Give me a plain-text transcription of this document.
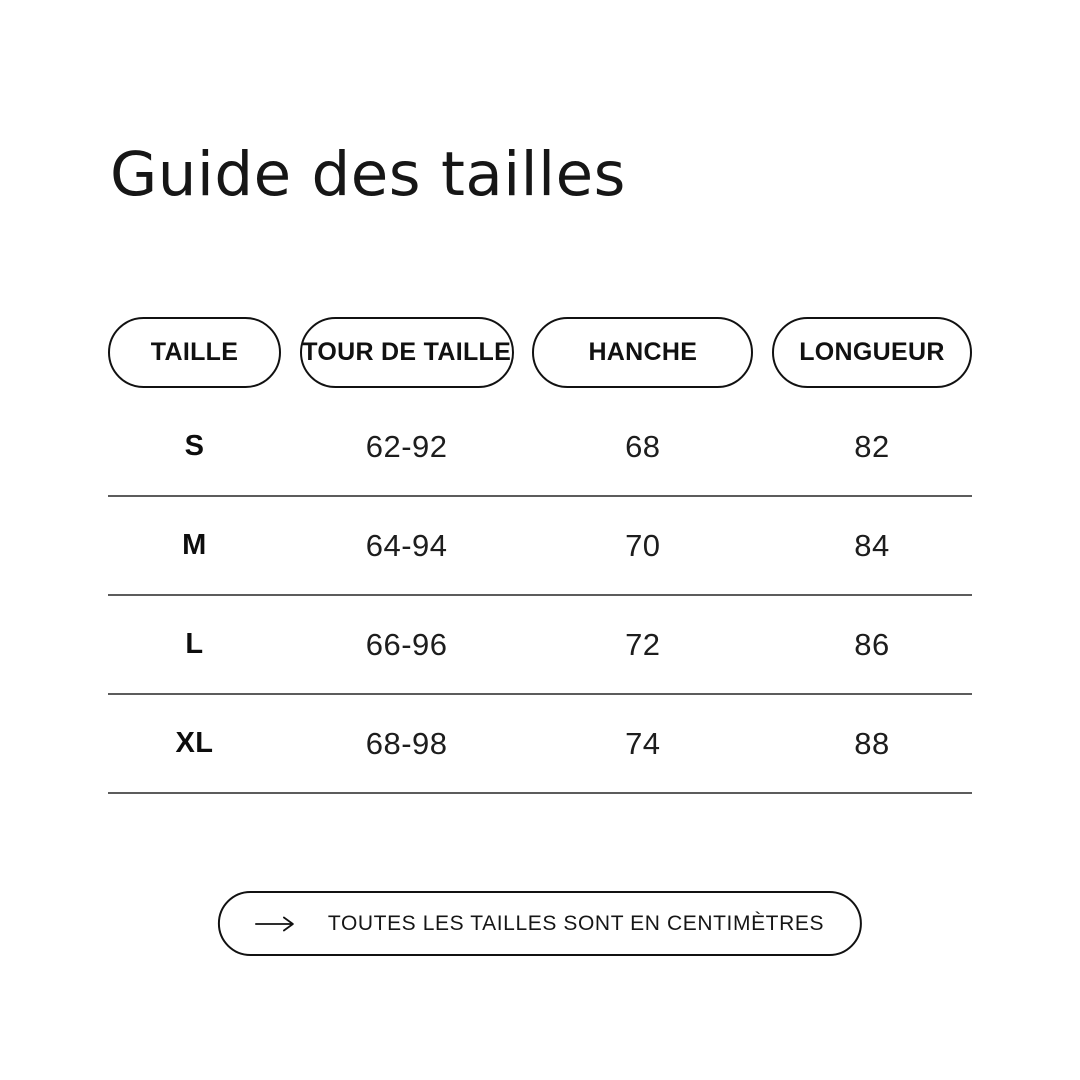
Guide des tailles
TAILLE	TOUR DE TAILLE	HANCHE	LONGUEUR
S	62-92	68	82
M	64-94	70	84
L	66-96	72	86
XL	68-98	74	88
TOUTES LES TAILLES SONT EN CENTIMÈTRES
